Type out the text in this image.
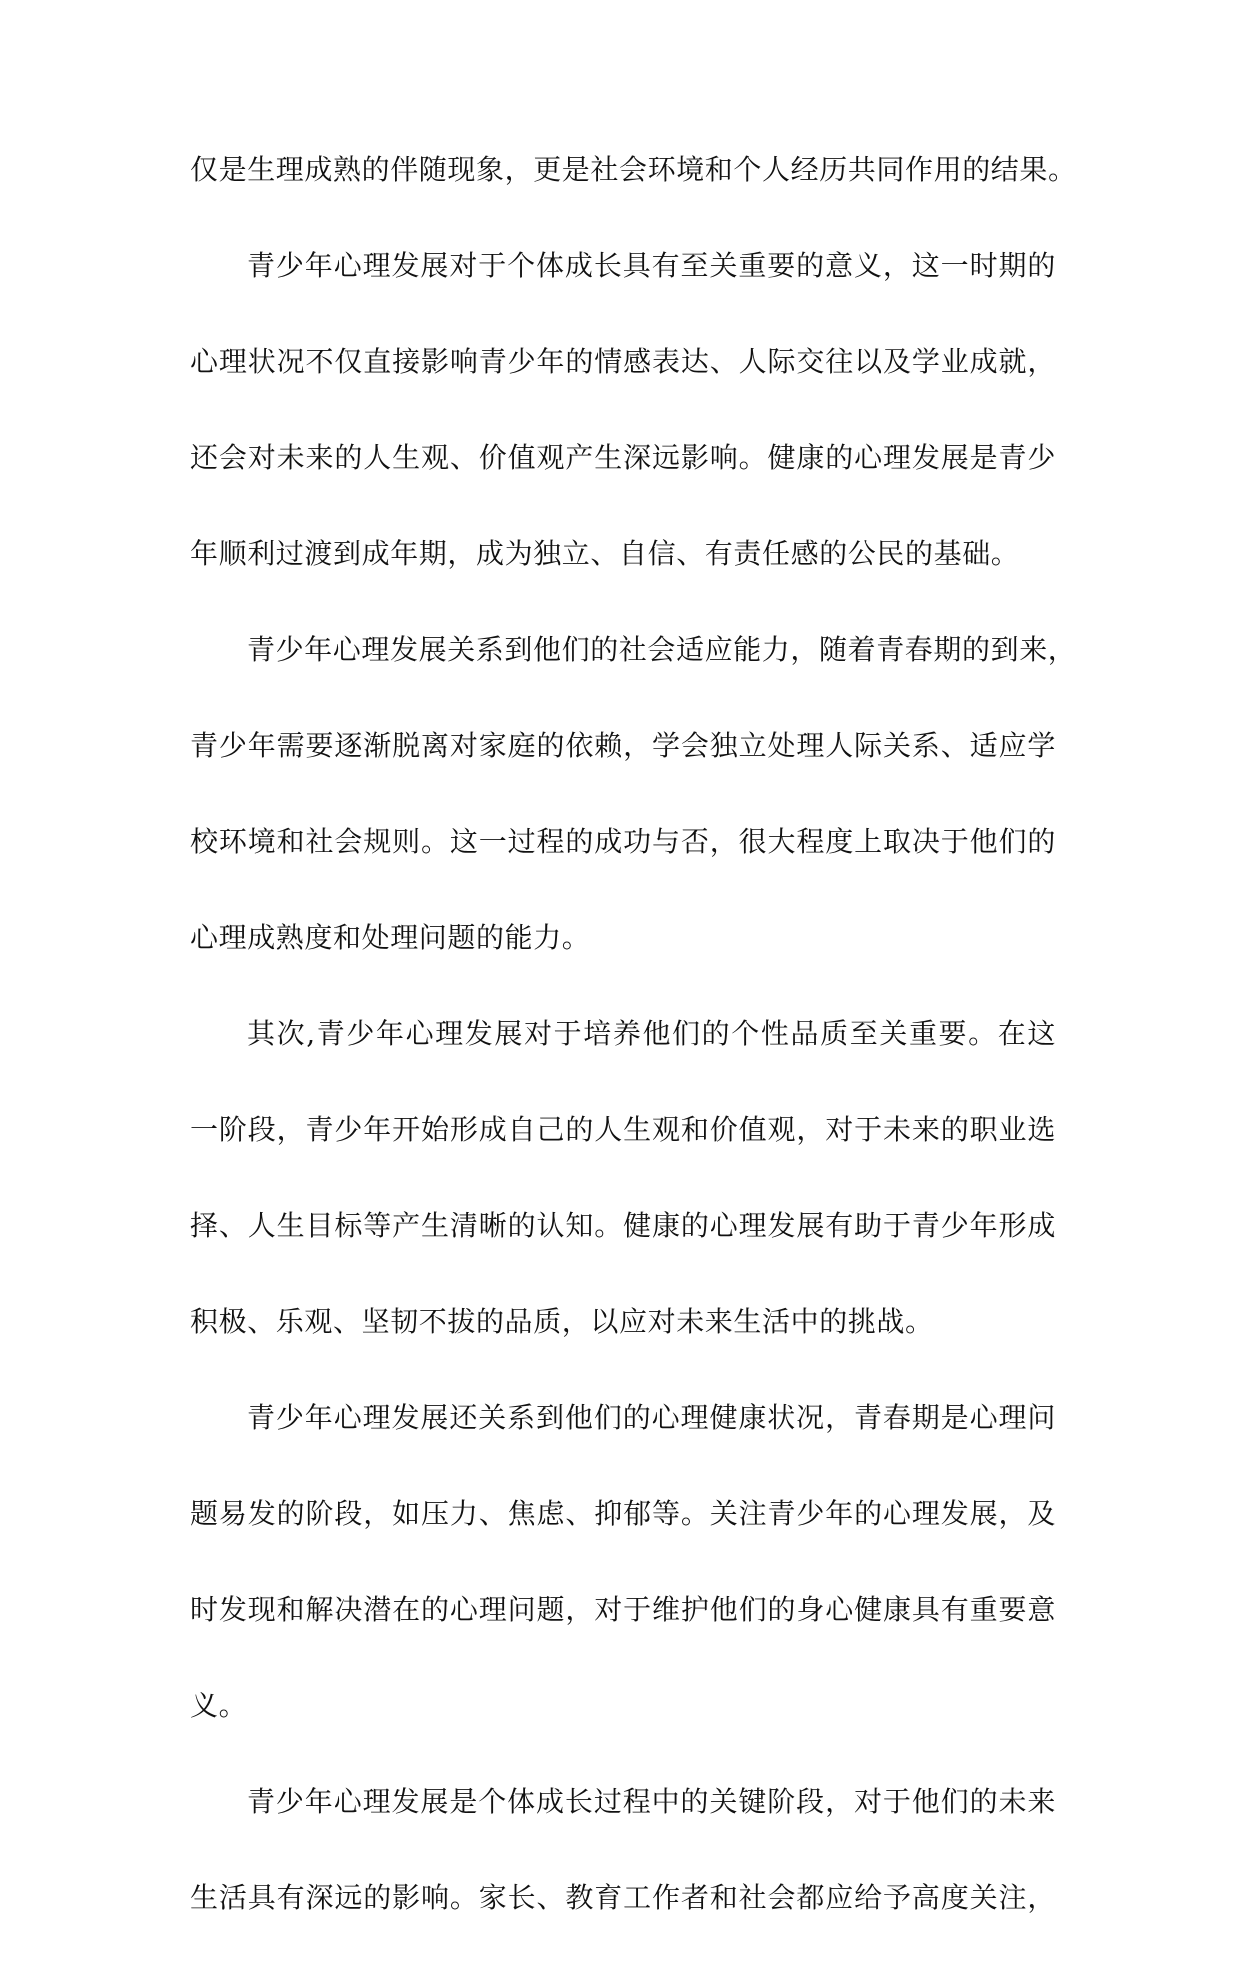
仅是生理成熟的伴随现象，更是社会环境和个人经历共同作用的结果。
青少年心理发展对于个体成长具有至关重要的意义，这一时期的
心理状况不仅直接影响青少年的情感表达、人际交往以及学业成就，
还会对未来的人生观、价值观产生深远影响。健康的心理发展是青少
年顺利过渡到成年期，成为独立、自信、有责任感的公民的基础。
青少年心理发展关系到他们的社会适应能力，随着青春期的到来，
青少年需要逐渐脱离对家庭的依赖，学会独立处理人际关系、适应学
校环境和社会规则。这一过程的成功与否，很大程度上取决于他们的
心理成熟度和处理问题的能力。
其次,青少年心理发展对于培养他们的个性品质至关重要。在这
一阶段，青少年开始形成自己的人生观和价值观，对于未来的职业选
择、人生目标等产生清晰的认知。健康的心理发展有助于青少年形成
积极、乐观、坚韧不拔的品质，以应对未来生活中的挑战。
青少年心理发展还关系到他们的心理健康状况，青春期是心理问
题易发的阶段，如压力、焦虑、抑郁等。关注青少年的心理发展，及
时发现和解决潜在的心理问题，对于维护他们的身心健康具有重要意
义。
青少年心理发展是个体成长过程中的关键阶段，对于他们的未来
生活具有深远的影响。家长、教育工作者和社会都应给予高度关注，
